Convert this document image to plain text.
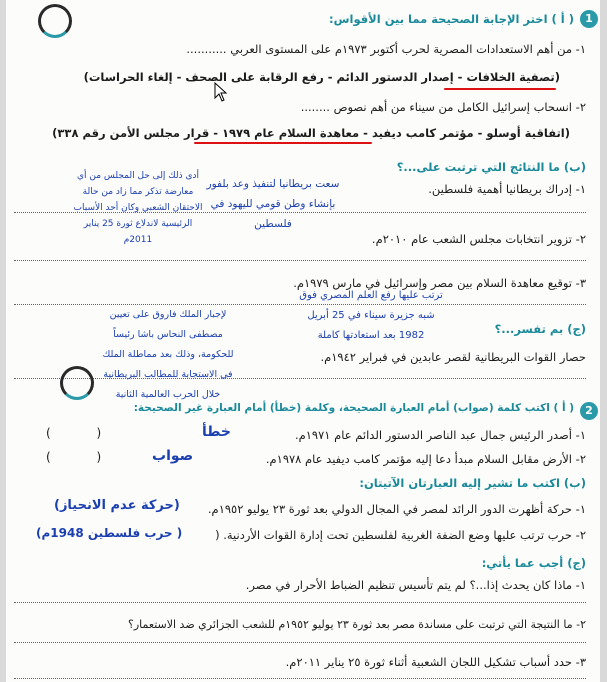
1
( أ ) اختر الإجابة الصحيحة مما بين الأقواس:
١- من أهم الاستعدادات المصرية لحرب أكتوبر ١٩٧٣م على المستوى العربي ...........
(تصفية الخلافات - إصدار الدستور الدائم - رفع الرقابة على الصحف - إلغاء الحراسات)
٢- انسحاب إسرائيل الكامل من سيناء من أهم نصوص ........
(اتفاقية أوسلو - مؤتمر كامب ديفيد - معاهدة السلام عام ١٩٧٩ - قرار مجلس الأمن رقم ٣٣٨)
(ب) ما النتائج التي ترتبت على...؟
١- إدراك بريطانيا أهمية فلسطين.
٢- تزوير انتخابات مجلس الشعب عام ٢٠١٠م.
٣- توقيع معاهدة السلام بين مصر وإسرائيل في مارس ١٩٧٩م.
(ج) بم تفسر...؟
حصار القوات البريطانية لقصر عابدين في فبراير ١٩٤٢م.
2
( أ ) اكتب كلمة (صواب) أمام العبارة الصحيحة، وكلمة (خطأ) أمام العبارة غير الصحيحة:
١- أصدر الرئيس جمال عبد الناصر الدستور الدائم عام ١٩٧١م.
(            )
٢- الأرض مقابل السلام مبدأ دعا إليه مؤتمر كامب ديفيد عام ١٩٧٨م.
(            )
(ب) اكتب ما تشير إليه العبارتان الآتيتان:
١- حركة أظهرت الدور الرائد لمصر في المجال الدولي بعد ثورة ٢٣ يوليو ١٩٥٢م.
٢- حرب ترتب عليها وضع الضفة الغربية لفلسطين تحت إدارة القوات الأردنية. (
(ج) أجب عما يأتي:
١- ماذا كان يحدث إذا...؟ لم يتم تأسيس تنظيم الضباط الأحرار في مصر.
٢- ما النتيجة التي ترتبت على مساندة مصر بعد ثورة ٢٣ يوليو ١٩٥٢م للشعب الجزائري ضد الاستعمار؟
٣- حدد أسباب تشكيل اللجان الشعبية أثناء ثورة ٢٥ يناير ٢٠١١م.
سعت بريطانيا لتنفيذ وعد بلفور
بإنشاء وطن قومي لليهود في
فلسطين
أدى ذلك إلى حل المجلس من أي
معارضة تذكر مما زاد من حالة
الاحتقان الشعبي وكان أحد الأسباب
الرئيسية لاندلاع ثورة 25 يناير
2011م
ترتب عليها رفع العلم المصري فوق
شبه جزيرة سيناء في 25 أبريل
1982 بعد استعادتها كاملة
لإجبار الملك فاروق على تعيين
مصطفى النحاس باشا رئيساً
للحكومة، وذلك بعد مماطلة الملك
في الاستجابة للمطالب البريطانية
خلال الحرب العالمية الثانية
خطأ
صواب
(حركة عدم الانحياز)
( حرب فلسطين 1948م)
